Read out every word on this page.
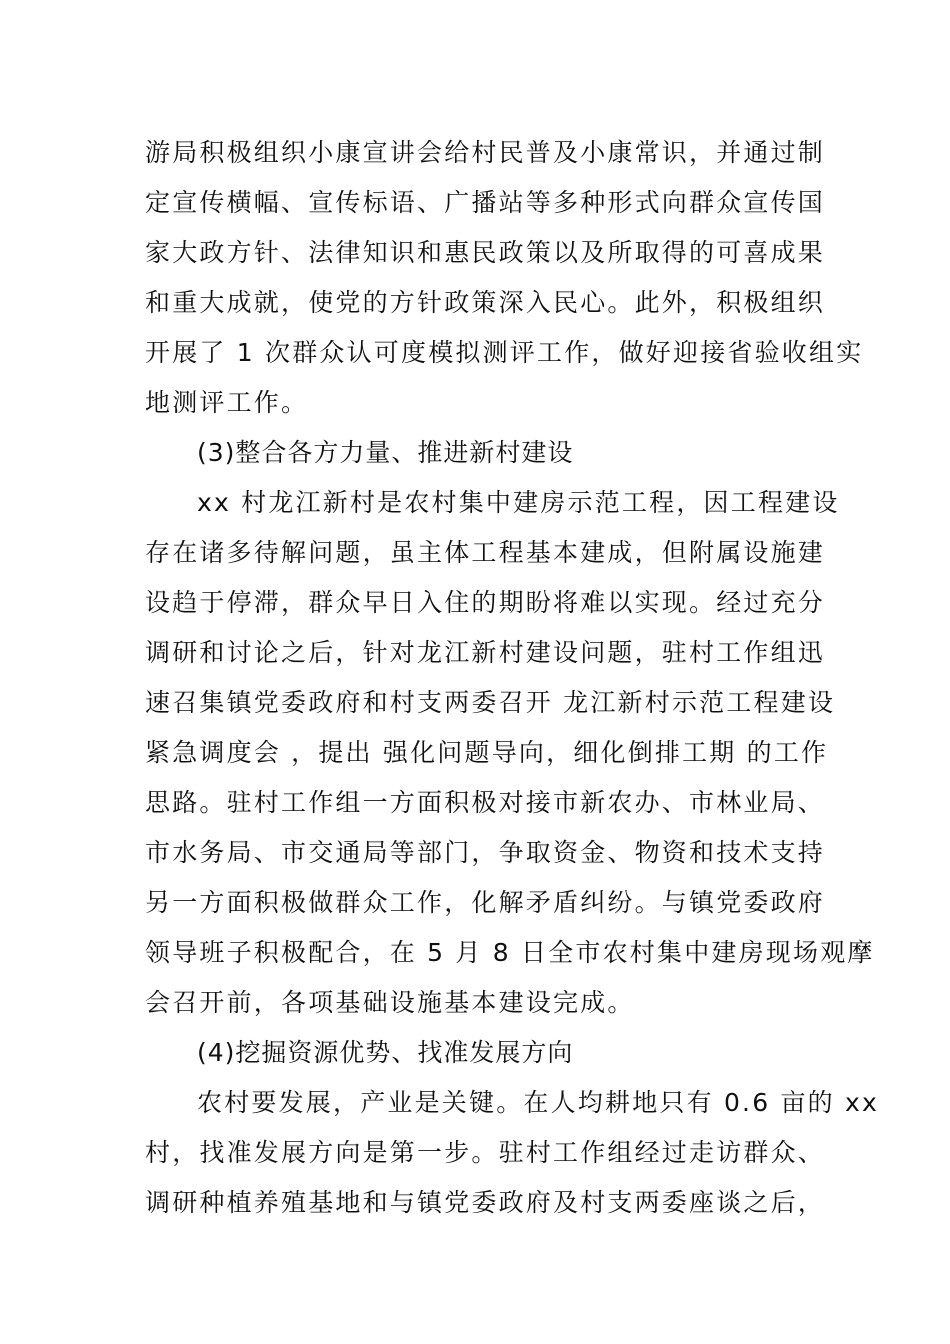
游局积极组织小康宣讲会给村民普及小康常识，并通过制
定宣传横幅、宣传标语、广播站等多种形式向群众宣传国
家大政方针、法律知识和惠民政策以及所取得的可喜成果
和重大成就，使党的方针政策深入民心。此外，积极组织
开展了 1 次群众认可度模拟测评工作，做好迎接省验收组实
地测评工作。
(3)整合各方力量、推进新村建设
xx 村龙江新村是农村集中建房示范工程，因工程建设
存在诸多待解问题，虽主体工程基本建成，但附属设施建
设趋于停滞，群众早日入住的期盼将难以实现。经过充分
调研和讨论之后，针对龙江新村建设问题，驻村工作组迅
速召集镇党委政府和村支两委召开 龙江新村示范工程建设
紧急调度会 ，提出 强化问题导向，细化倒排工期 的工作
思路。驻村工作组一方面积极对接市新农办、市林业局、
市水务局、市交通局等部门，争取资金、物资和技术支持
另一方面积极做群众工作，化解矛盾纠纷。与镇党委政府
领导班子积极配合，在 5 月 8 日全市农村集中建房现场观摩
会召开前，各项基础设施基本建设完成。
(4)挖掘资源优势、找准发展方向
农村要发展，产业是关键。在人均耕地只有 0.6 亩的 xx
村，找准发展方向是第一步。驻村工作组经过走访群众、
调研种植养殖基地和与镇党委政府及村支两委座谈之后，
